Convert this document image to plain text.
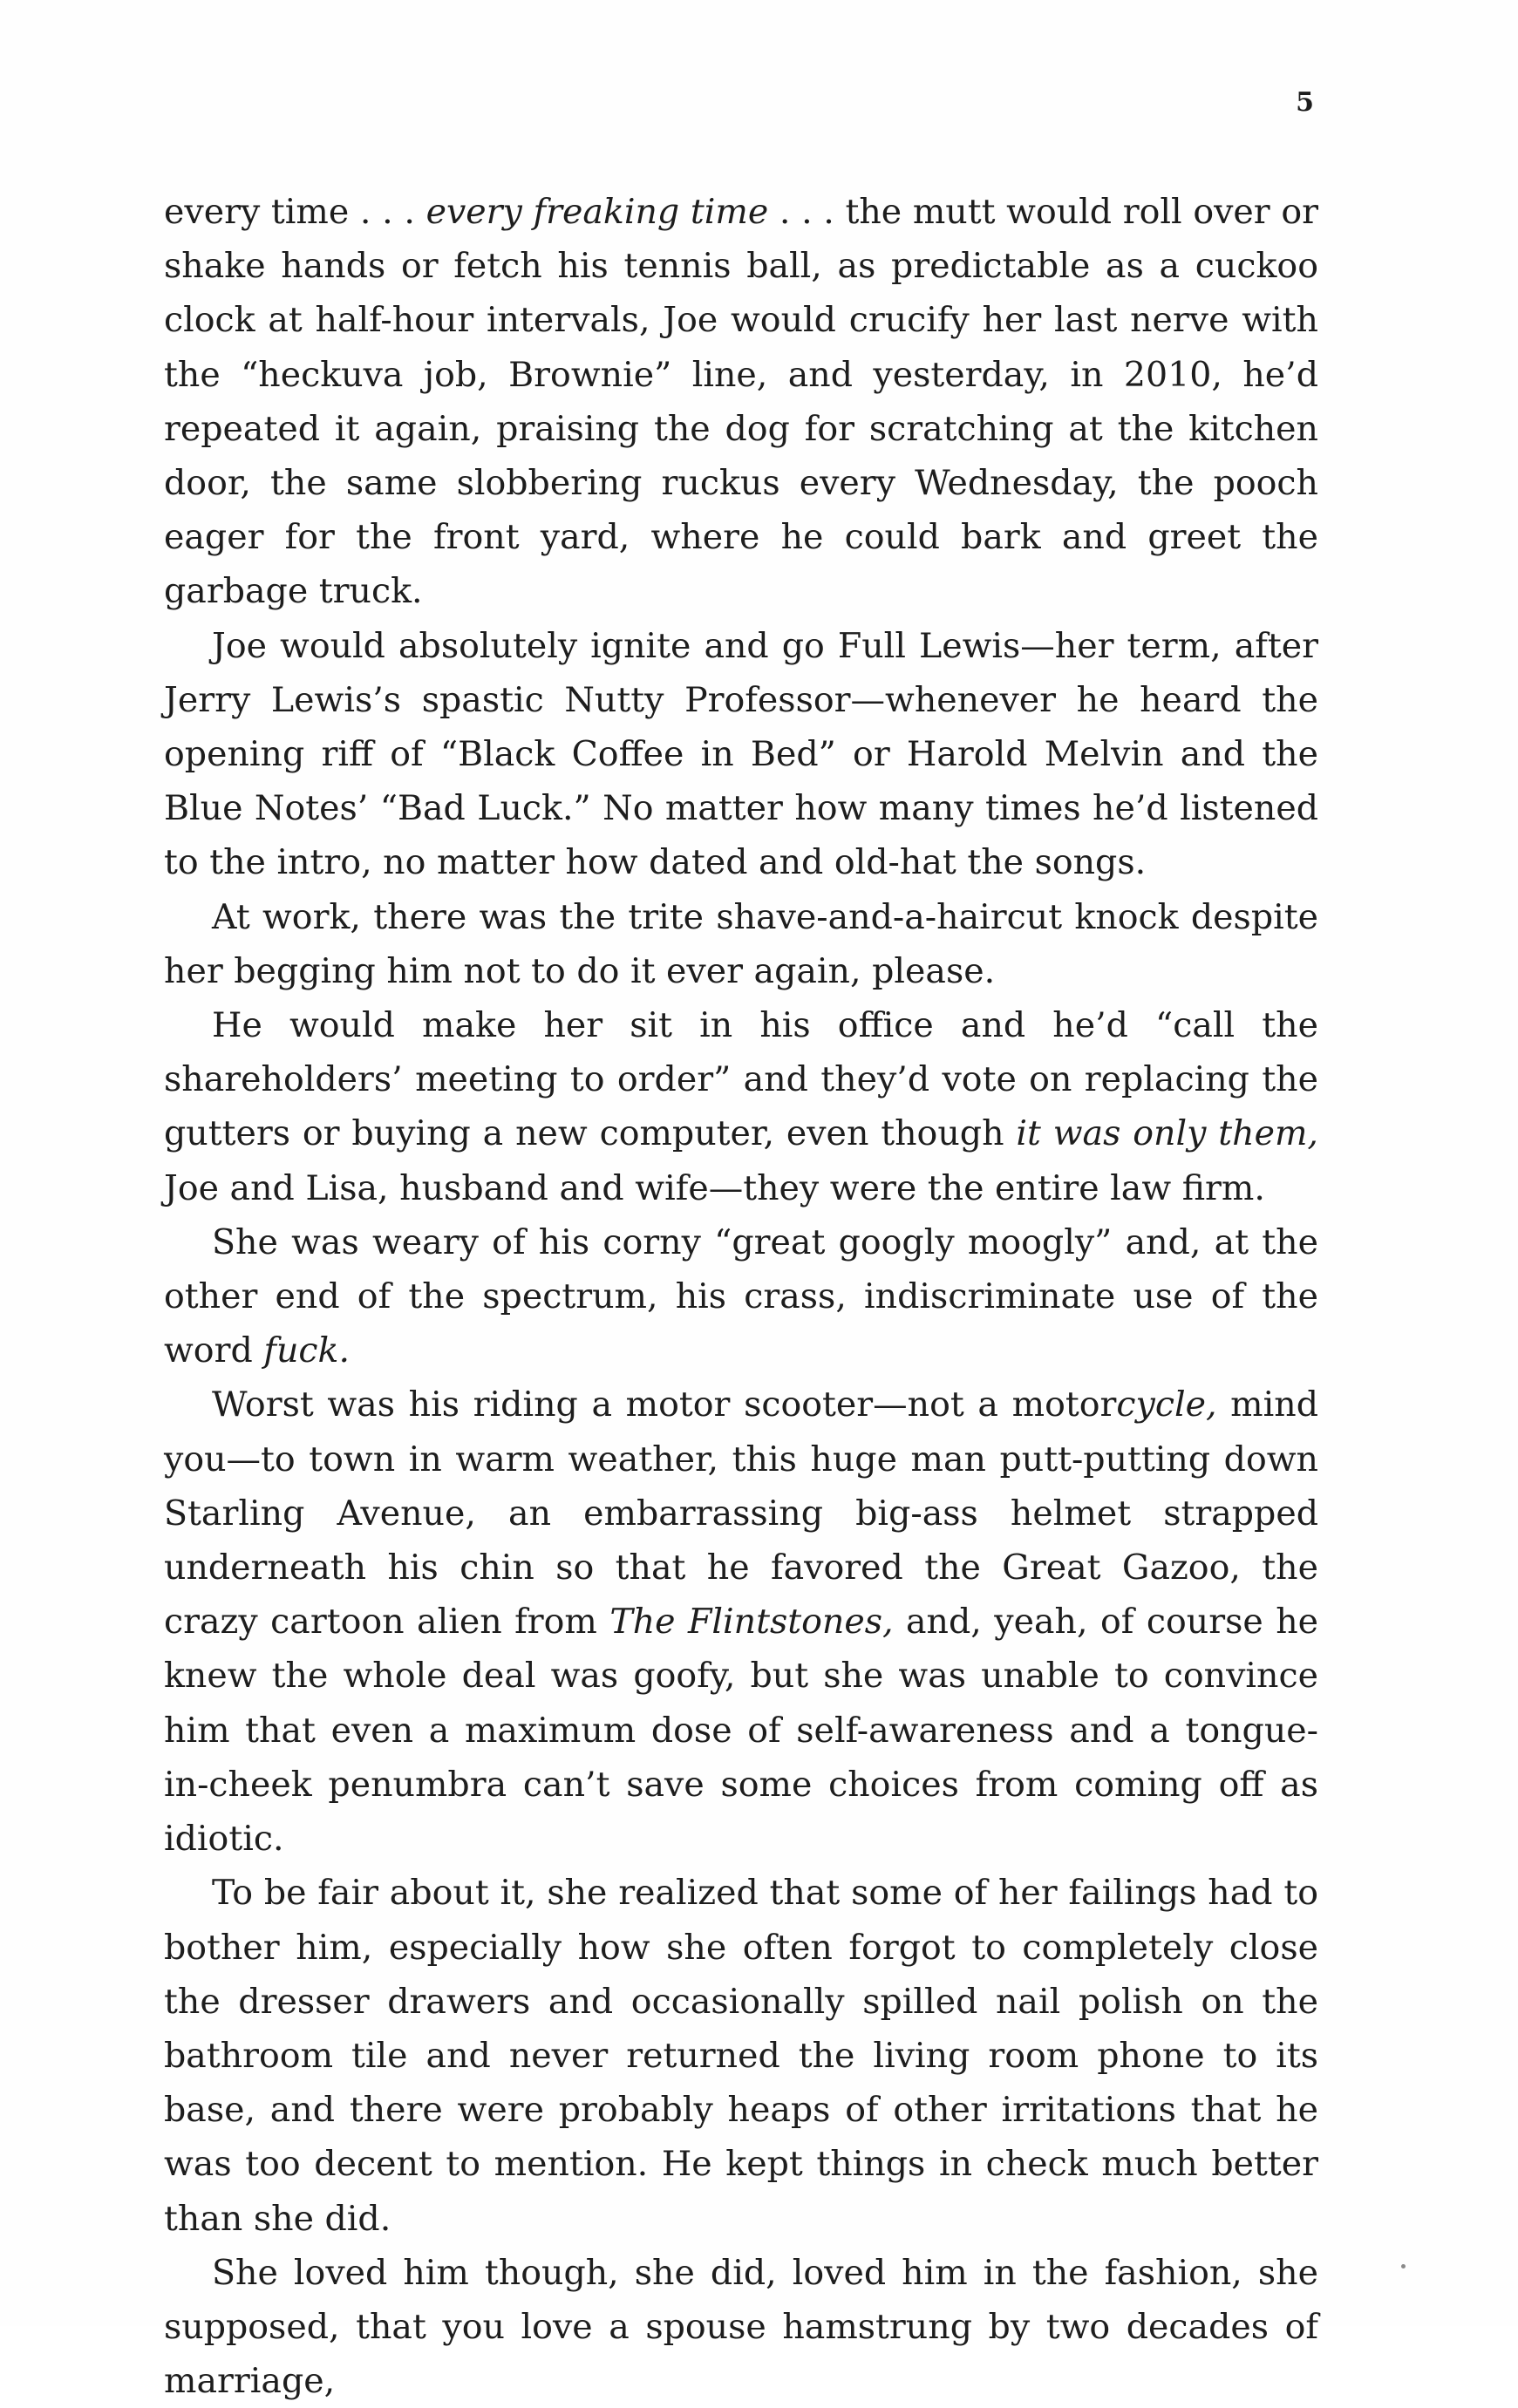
5

every time . . . every freaking time . . . the mutt would roll over or shake hands or fetch his tennis ball, as predictable as a cuckoo clock at half-hour intervals, Joe would crucify her last nerve with the “heckuva job, Brownie” line, and yesterday, in 2010, he’d repeated it again, praising the dog for scratching at the kitchen door, the same slobbering ruckus every Wednesday, the pooch eager for the front yard, where he could bark and greet the garbage truck.

Joe would absolutely ignite and go Full Lewis—her term, after Jerry Lewis’s spastic Nutty Professor—whenever he heard the opening riff of “Black Coffee in Bed” or Harold Melvin and the Blue Notes’ “Bad Luck.” No matter how many times he’d listened to the intro, no matter how dated and old-hat the songs.

At work, there was the trite shave-and-a-haircut knock despite her begging him not to do it ever again, please.

He would make her sit in his office and he’d “call the shareholders’ meeting to order” and they’d vote on replacing the gutters or buying a new computer, even though it was only them, Joe and Lisa, husband and wife—they were the entire law firm.

She was weary of his corny “great googly moogly” and, at the other end of the spectrum, his crass, indiscriminate use of the word fuck.

Worst was his riding a motor scooter—not a motorcycle, mind you—to town in warm weather, this huge man putt-putting down Starling Avenue, an embarrassing big-ass helmet strapped underneath his chin so that he favored the Great Gazoo, the crazy cartoon alien from The Flintstones, and, yeah, of course he knew the whole deal was goofy, but she was unable to convince him that even a maximum dose of self-awareness and a tongue-in-cheek penumbra can’t save some choices from coming off as idiotic.

To be fair about it, she realized that some of her failings had to bother him, especially how she often forgot to completely close the dresser drawers and occasionally spilled nail polish on the bathroom tile and never returned the living room phone to its base, and there were probably heaps of other irritations that he was too decent to mention. He kept things in check much better than she did.

She loved him though, she did, loved him in the fashion, she supposed, that you love a spouse hamstrung by two decades of marriage,
